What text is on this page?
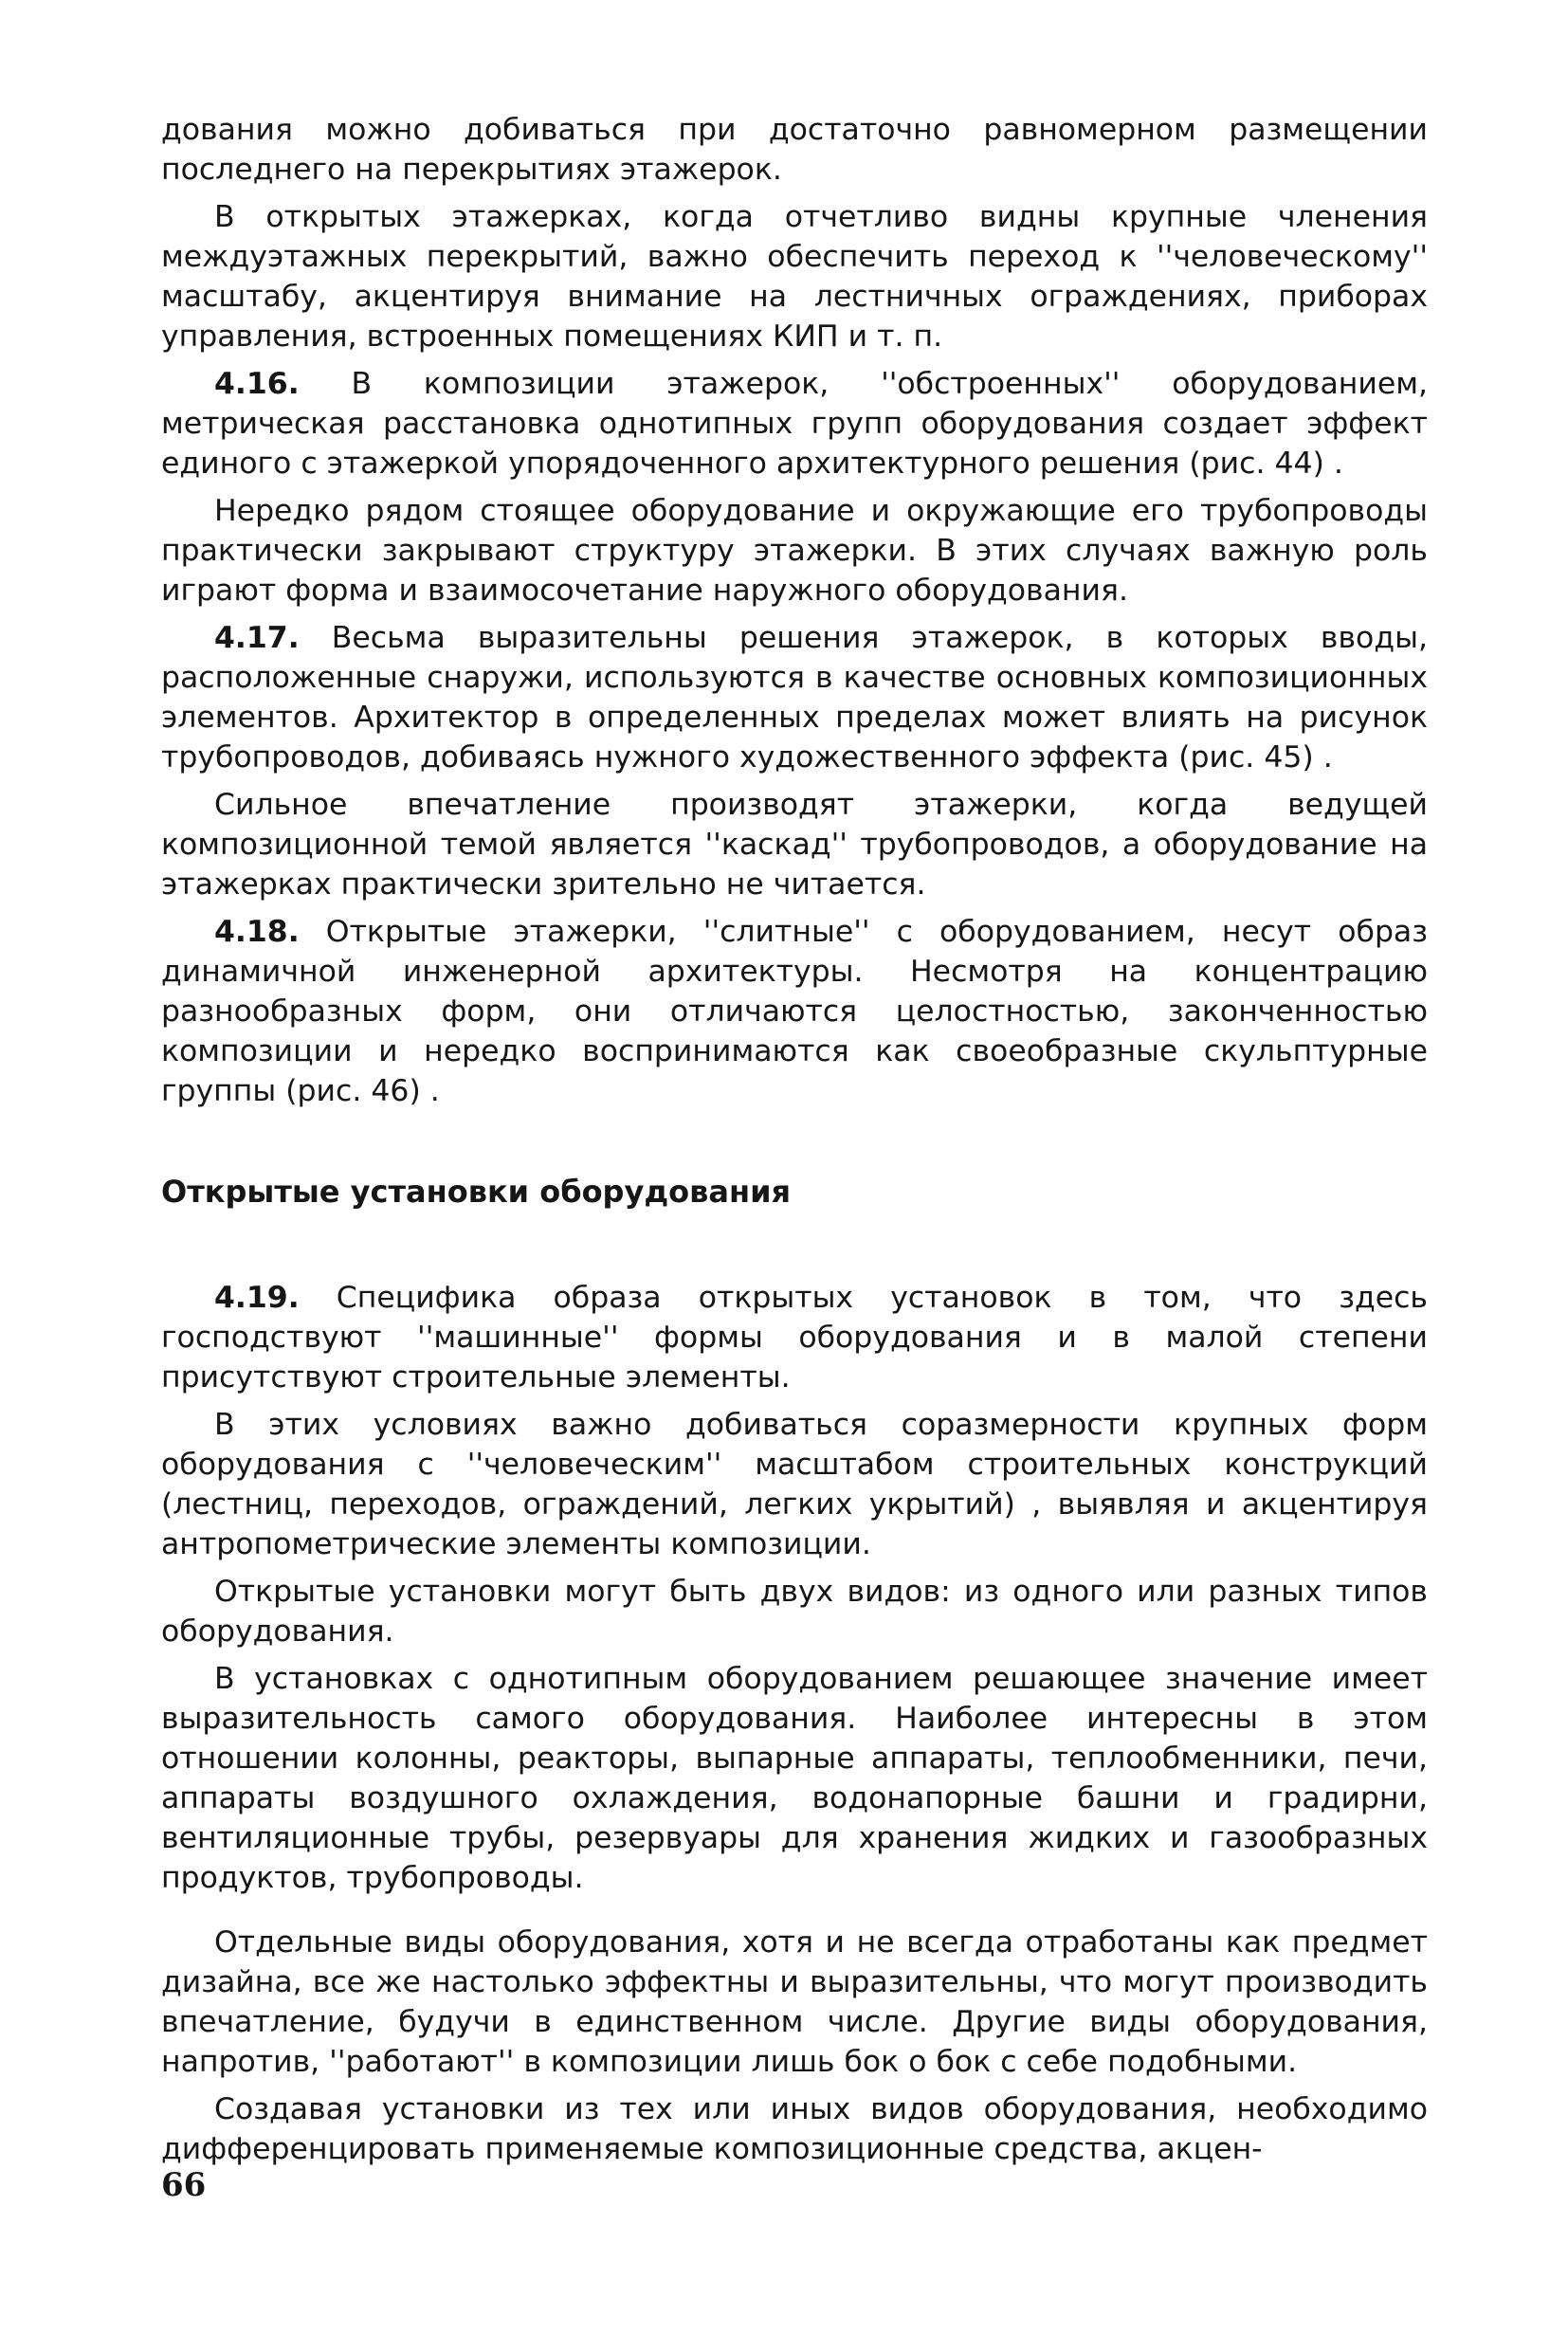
дования можно добиваться при достаточно равномерном размещении последнего на перекрытиях этажерок.

В открытых этажерках, когда отчетливо видны крупные членения междуэтажных перекрытий, важно обеспечить переход к ''человеческому'' масштабу, акцентируя внимание на лестничных ограждениях, приборах управления, встроенных помещениях КИП и т. п.

4.16. В композиции этажерок, ''обстроенных'' оборудованием, метрическая расстановка однотипных групп оборудования создает эффект единого с этажеркой упорядоченного архитектурного решения (рис. 44) .

Нередко рядом стоящее оборудование и окружающие его трубопроводы практически закрывают структуру этажерки. В этих случаях важную роль играют форма и взаимосочетание наружного оборудования.

4.17. Весьма выразительны решения этажерок, в которых вводы, расположенные снаружи, используются в качестве основных композиционных элементов. Архитектор в определенных пределах может влиять на рисунок трубопроводов, добиваясь нужного художественного эффекта (рис. 45) .

Сильное впечатление производят этажерки, когда ведущей композиционной темой является ''каскад'' трубопроводов, а оборудование на этажерках практически зрительно не читается.

4.18. Открытые этажерки, ''слитные'' с оборудованием, несут образ динамичной инженерной архитектуры. Несмотря на концентрацию разнообразных форм, они отличаются целостностью, законченностью композиции и нередко воспринимаются как своеобразные скульптурные группы (рис. 46) .

Открытые установки оборудования

4.19. Специфика образа открытых установок в том, что здесь господствуют ''машинные'' формы оборудования и в малой степени присутствуют строительные элементы.

В этих условиях важно добиваться соразмерности крупных форм оборудования с ''человеческим'' масштабом строительных конструкций (лестниц, переходов, ограждений, легких укрытий) , выявляя и акцентируя антропометрические элементы композиции.

Открытые установки могут быть двух видов: из одного или разных типов оборудования.

В установках с однотипным оборудованием решающее значение имеет выразительность самого оборудования. Наиболее интересны в этом отношении колонны, реакторы, выпарные аппараты, теплообменники, печи, аппараты воздушного охлаждения, водонапорные башни и градирни, вентиляционные трубы, резервуары для хранения жидких и газообразных продуктов, трубопроводы.

Отдельные виды оборудования, хотя и не всегда отработаны как предмет дизайна, все же настолько эффектны и выразительны, что могут производить впечатление, будучи в единственном числе. Другие виды оборудования, напротив, ''работают'' в композиции лишь бок о бок с себе подобными.

Создавая установки из тех или иных видов оборудования, необходимо дифференцировать применяемые композиционные средства, акцен-

66
